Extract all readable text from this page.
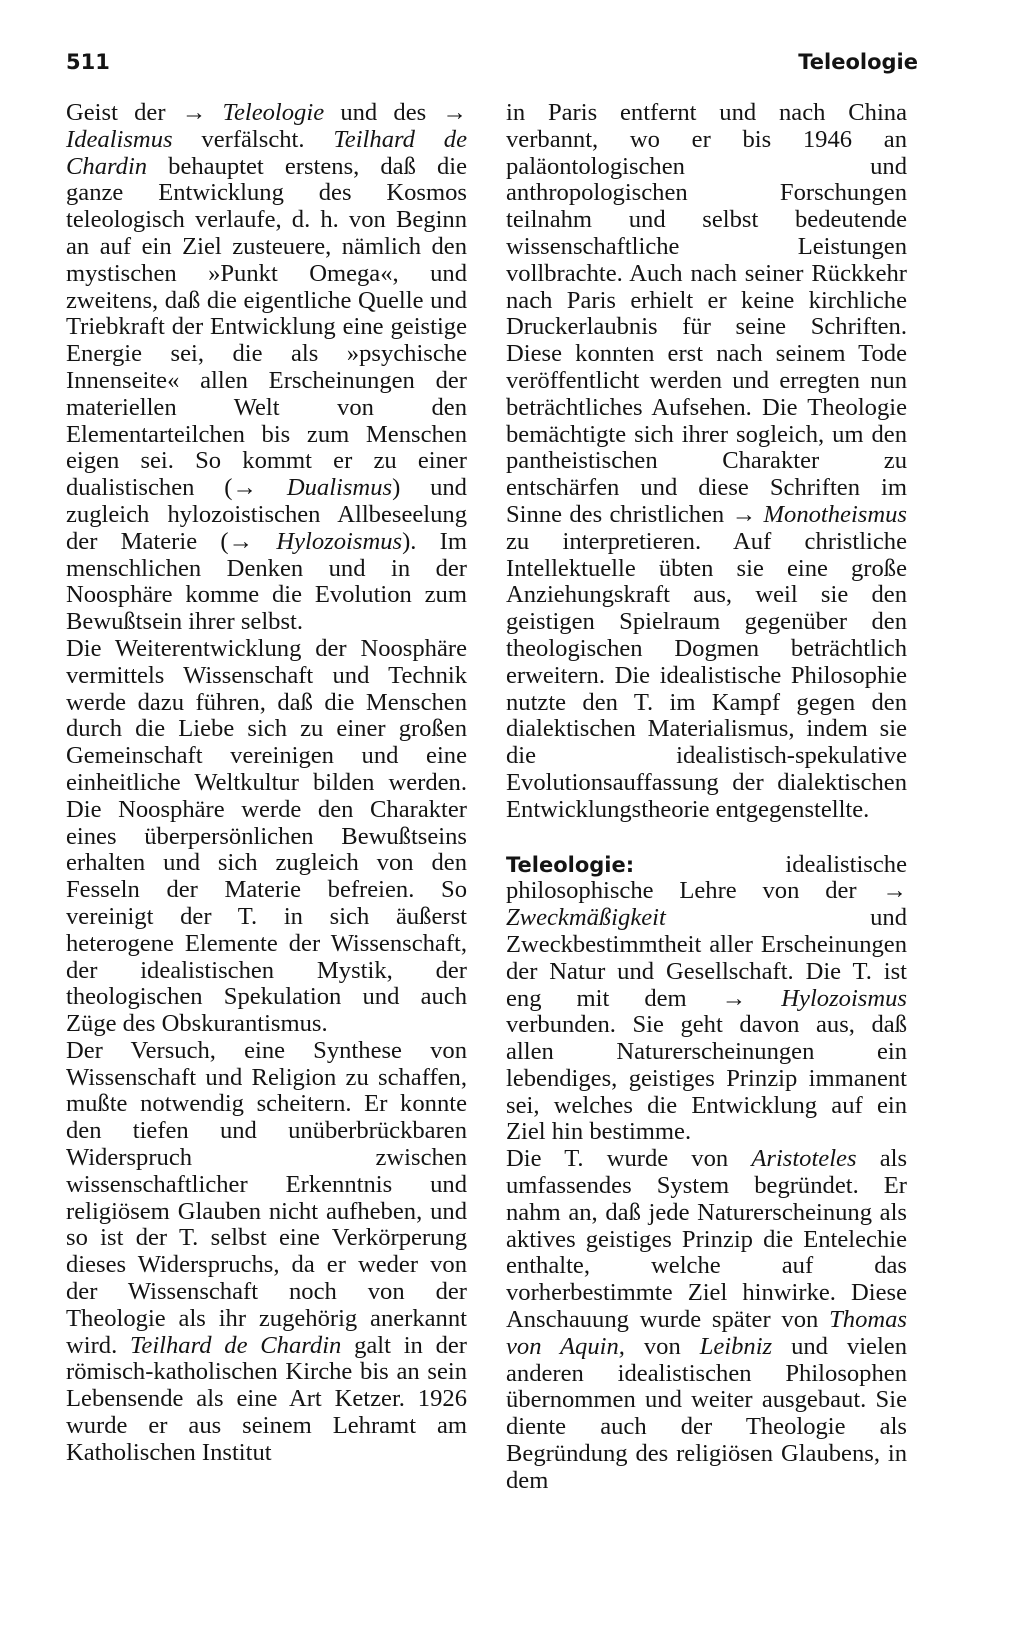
511	Teleologie

Geist der → Teleologie und des → Idealismus verfälscht. Teilhard de Chardin behauptet erstens, daß die ganze Entwicklung des Kosmos teleologisch verlaufe, d. h. von Beginn an auf ein Ziel zusteuere, nämlich den mystischen »Punkt Omega«, und zweitens, daß die eigentliche Quelle und Triebkraft der Entwicklung eine geistige Energie sei, die als »psychische Innenseite« allen Erscheinungen der materiellen Welt von den Elementarteilchen bis zum Menschen eigen sei. So kommt er zu einer dualistischen (→ Dualismus) und zugleich hylozoistischen Allbeseelung der Materie (→ Hylozoismus). Im menschlichen Denken und in der Noosphäre komme die Evolution zum Bewußtsein ihrer selbst.

Die Weiterentwicklung der Noosphäre vermittels Wissenschaft und Technik werde dazu führen, daß die Menschen durch die Liebe sich zu einer großen Gemeinschaft vereinigen und eine einheitliche Weltkultur bilden werden. Die Noosphäre werde den Charakter eines überpersönlichen Bewußtseins erhalten und sich zugleich von den Fesseln der Materie befreien. So vereinigt der T. in sich äußerst heterogene Elemente der Wissenschaft, der idealistischen Mystik, der theologischen Spekulation und auch Züge des Obskurantismus.

Der Versuch, eine Synthese von Wissenschaft und Religion zu schaffen, mußte notwendig scheitern. Er konnte den tiefen und unüberbrückbaren Widerspruch zwischen wissenschaftlicher Erkenntnis und religiösem Glauben nicht aufheben, und so ist der T. selbst eine Verkörperung dieses Widerspruchs, da er weder von der Wissenschaft noch von der Theologie als ihr zugehörig anerkannt wird. Teilhard de Chardin galt in der römisch-katholischen Kirche bis an sein Lebensende als eine Art Ketzer. 1926 wurde er aus seinem Lehramt am Katholischen Institut

in Paris entfernt und nach China verbannt, wo er bis 1946 an paläontologischen und anthropologischen Forschungen teilnahm und selbst bedeutende wissenschaftliche Leistungen vollbrachte. Auch nach seiner Rückkehr nach Paris erhielt er keine kirchliche Druckerlaubnis für seine Schriften. Diese konnten erst nach seinem Tode veröffentlicht werden und erregten nun beträchtliches Aufsehen. Die Theologie bemächtigte sich ihrer sogleich, um den pantheistischen Charakter zu entschärfen und diese Schriften im Sinne des christlichen → Monotheismus zu interpretieren. Auf christliche Intellektuelle übten sie eine große Anziehungskraft aus, weil sie den geistigen Spielraum gegenüber den theologischen Dogmen beträchtlich erweitern. Die idealistische Philosophie nutzte den T. im Kampf gegen den dialektischen Materialismus, indem sie die idealistisch-spekulative Evolutionsauffassung der dialektischen Entwicklungstheorie entgegenstellte.

Teleologie: idealistische philosophische Lehre von der → Zweckmäßigkeit und Zweckbestimmtheit aller Erscheinungen der Natur und Gesellschaft. Die T. ist eng mit dem → Hylozoismus verbunden. Sie geht davon aus, daß allen Naturerscheinungen ein lebendiges, geistiges Prinzip immanent sei, welches die Entwicklung auf ein Ziel hin bestimme.

Die T. wurde von Aristoteles als umfassendes System begründet. Er nahm an, daß jede Naturerscheinung als aktives geistiges Prinzip die Entelechie enthalte, welche auf das vorherbestimmte Ziel hinwirke. Diese Anschauung wurde später von Thomas von Aquin, von Leibniz und vielen anderen idealistischen Philosophen übernommen und weiter ausgebaut. Sie diente auch der Theologie als Begründung des religiösen Glaubens, in dem
